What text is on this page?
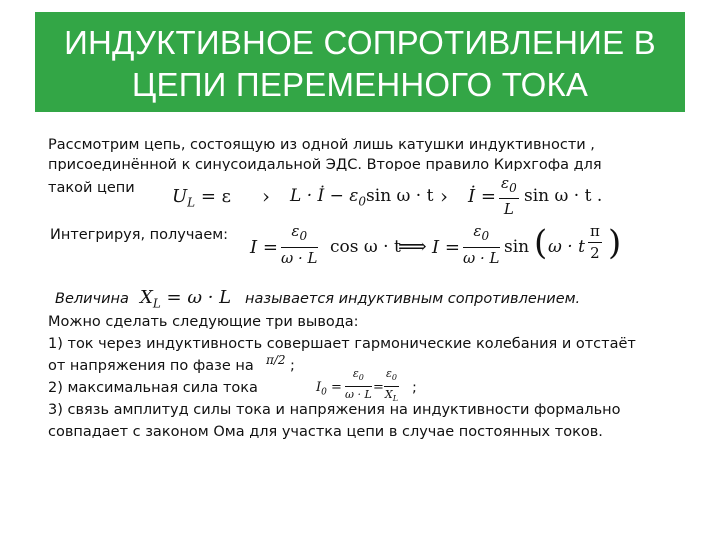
ИНДУКТИВНОЕ СОПРОТИВЛЕНИЕ В
ЦЕПИ ПЕРЕМЕННОГО ТОКА
Рассмотрим цепь, состоящую из одной лишь катушки индуктивности ,
присоединённой к синусоидальной ЭДС. Второе правило Кирхгофа для
такой цепи $U_L = \varepsilon$ › L · İ − $\varepsilon_0\sin$ ω · t › İ = $\frac{\varepsilon_0}{L}$ sin ω · t .
Интегрируя, получаем:
$I = \frac{\varepsilon_0}{\omega \cdot L}$ cos ω · t
⟹ $I = \frac{\varepsilon_0}{\omega \cdot L}$ sin ( ω · t $\frac{\pi}{2}$ )
Величина $X_L = \omega \cdot L$ называется индуктивным сопротивлением.
Можно сделать следующие три вывода:
1) ток через индуктивность совершает гармонические колебания и отстаёт
от напряжения по фазе на π/2 ;
2) максимальная сила тока	$I_0 = \frac{\varepsilon_0}{\omega \cdot L} = \frac{\varepsilon_0}{X_L}$ ;
3) связь амплитуд силы тока и напряжения на индуктивности формально
совпадает с законом Ома для участка цепи в случае постоянных токов.
